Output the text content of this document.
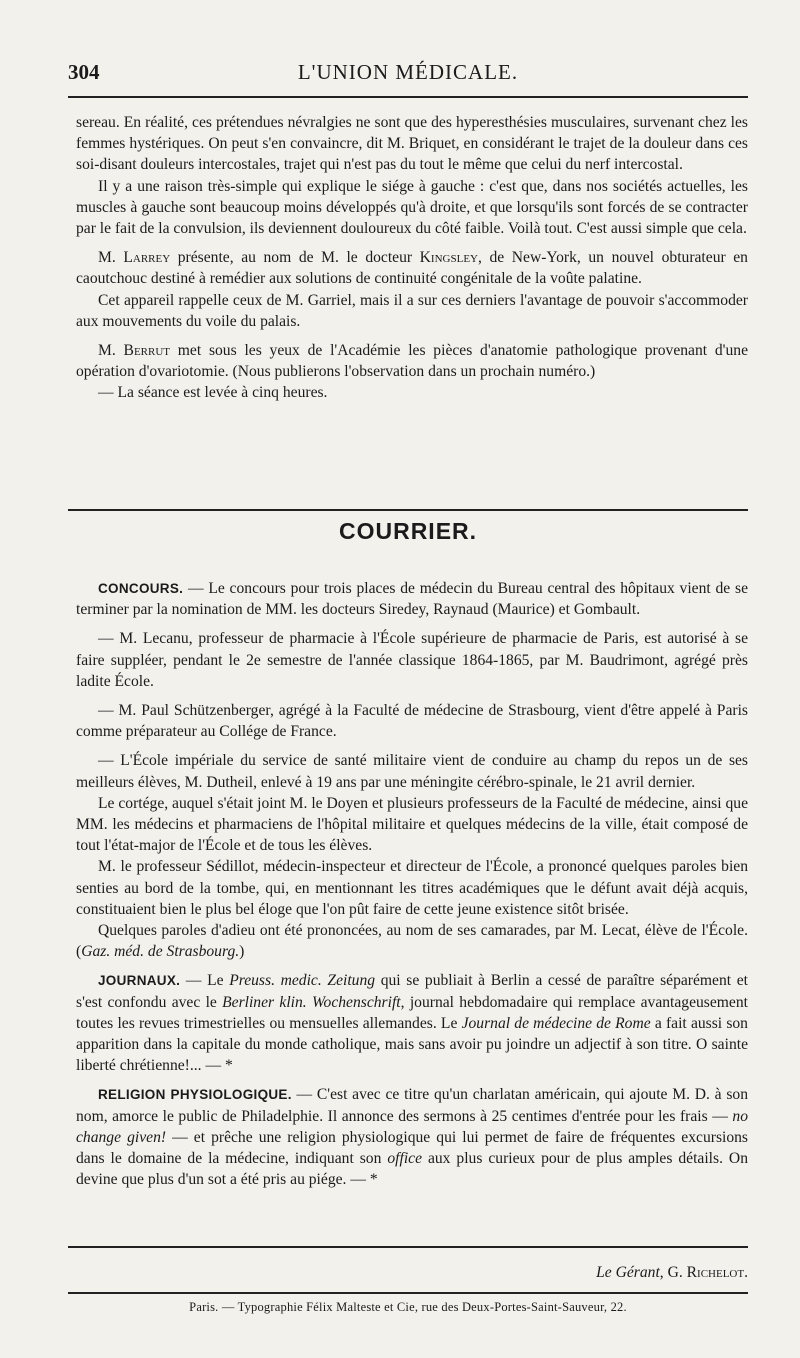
304	L'UNION MÉDICALE.

sereau. En réalité, ces prétendues névralgies ne sont que des hyperesthésies musculaires, survenant chez les femmes hystériques. On peut s'en convaincre, dit M. Briquet, en considérant le trajet de la douleur dans ces soi-disant douleurs intercostales, trajet qui n'est pas du tout le même que celui du nerf intercostal.

Il y a une raison très-simple qui explique le siége à gauche : c'est que, dans nos sociétés actuelles, les muscles à gauche sont beaucoup moins développés qu'à droite, et que lorsqu'ils sont forcés de se contracter par le fait de la convulsion, ils deviennent douloureux du côté faible. Voilà tout. C'est aussi simple que cela.

M. Larrey présente, au nom de M. le docteur Kingsley, de New-York, un nouvel obturateur en caoutchouc destiné à remédier aux solutions de continuité congénitale de la voûte palatine.

Cet appareil rappelle ceux de M. Garriel, mais il a sur ces derniers l'avantage de pouvoir s'accommoder aux mouvements du voile du palais.

M. Berrut met sous les yeux de l'Académie les pièces d'anatomie pathologique provenant d'une opération d'ovariotomie. (Nous publierons l'observation dans un prochain numéro.)

— La séance est levée à cinq heures.

COURRIER.

CONCOURS. — Le concours pour trois places de médecin du Bureau central des hôpitaux vient de se terminer par la nomination de MM. les docteurs Siredey, Raynaud (Maurice) et Gombault.

— M. Lecanu, professeur de pharmacie à l'École supérieure de pharmacie de Paris, est autorisé à se faire suppléer, pendant le 2e semestre de l'année classique 1864-1865, par M. Baudrimont, agrégé près ladite École.

— M. Paul Schützenberger, agrégé à la Faculté de médecine de Strasbourg, vient d'être appelé à Paris comme préparateur au Collége de France.

— L'École impériale du service de santé militaire vient de conduire au champ du repos un de ses meilleurs élèves, M. Dutheil, enlevé à 19 ans par une méningite cérébro-spinale, le 21 avril dernier.

Le cortége, auquel s'était joint M. le Doyen et plusieurs professeurs de la Faculté de médecine, ainsi que MM. les médecins et pharmaciens de l'hôpital militaire et quelques médecins de la ville, était composé de tout l'état-major de l'École et de tous les élèves.

M. le professeur Sédillot, médecin-inspecteur et directeur de l'École, a prononcé quelques paroles bien senties au bord de la tombe, qui, en mentionnant les titres académiques que le défunt avait déjà acquis, constituaient bien le plus bel éloge que l'on pût faire de cette jeune existence sitôt brisée.

Quelques paroles d'adieu ont été prononcées, au nom de ses camarades, par M. Lecat, élève de l'École. (Gaz. méd. de Strasbourg.)

JOURNAUX. — Le Preuss. medic. Zeitung qui se publiait à Berlin a cessé de paraître séparément et s'est confondu avec le Berliner klin. Wochenschrift, journal hebdomadaire qui remplace avantageusement toutes les revues trimestrielles ou mensuelles allemandes. Le Journal de médecine de Rome a fait aussi son apparition dans la capitale du monde catholique, mais sans avoir pu joindre un adjectif à son titre. O sainte liberté chrétienne!... — *

RELIGION PHYSIOLOGIQUE. — C'est avec ce titre qu'un charlatan américain, qui ajoute M. D. à son nom, amorce le public de Philadelphie. Il annonce des sermons à 25 centimes d'entrée pour les frais — no change given! — et prêche une religion physiologique qui lui permet de faire de fréquentes excursions dans le domaine de la médecine, indiquant son office aux plus curieux pour de plus amples détails. On devine que plus d'un sot a été pris au piége. — *

Le Gérant, G. Richelot.
Paris. — Typographie Félix Malteste et Cie, rue des Deux-Portes-Saint-Sauveur, 22.
